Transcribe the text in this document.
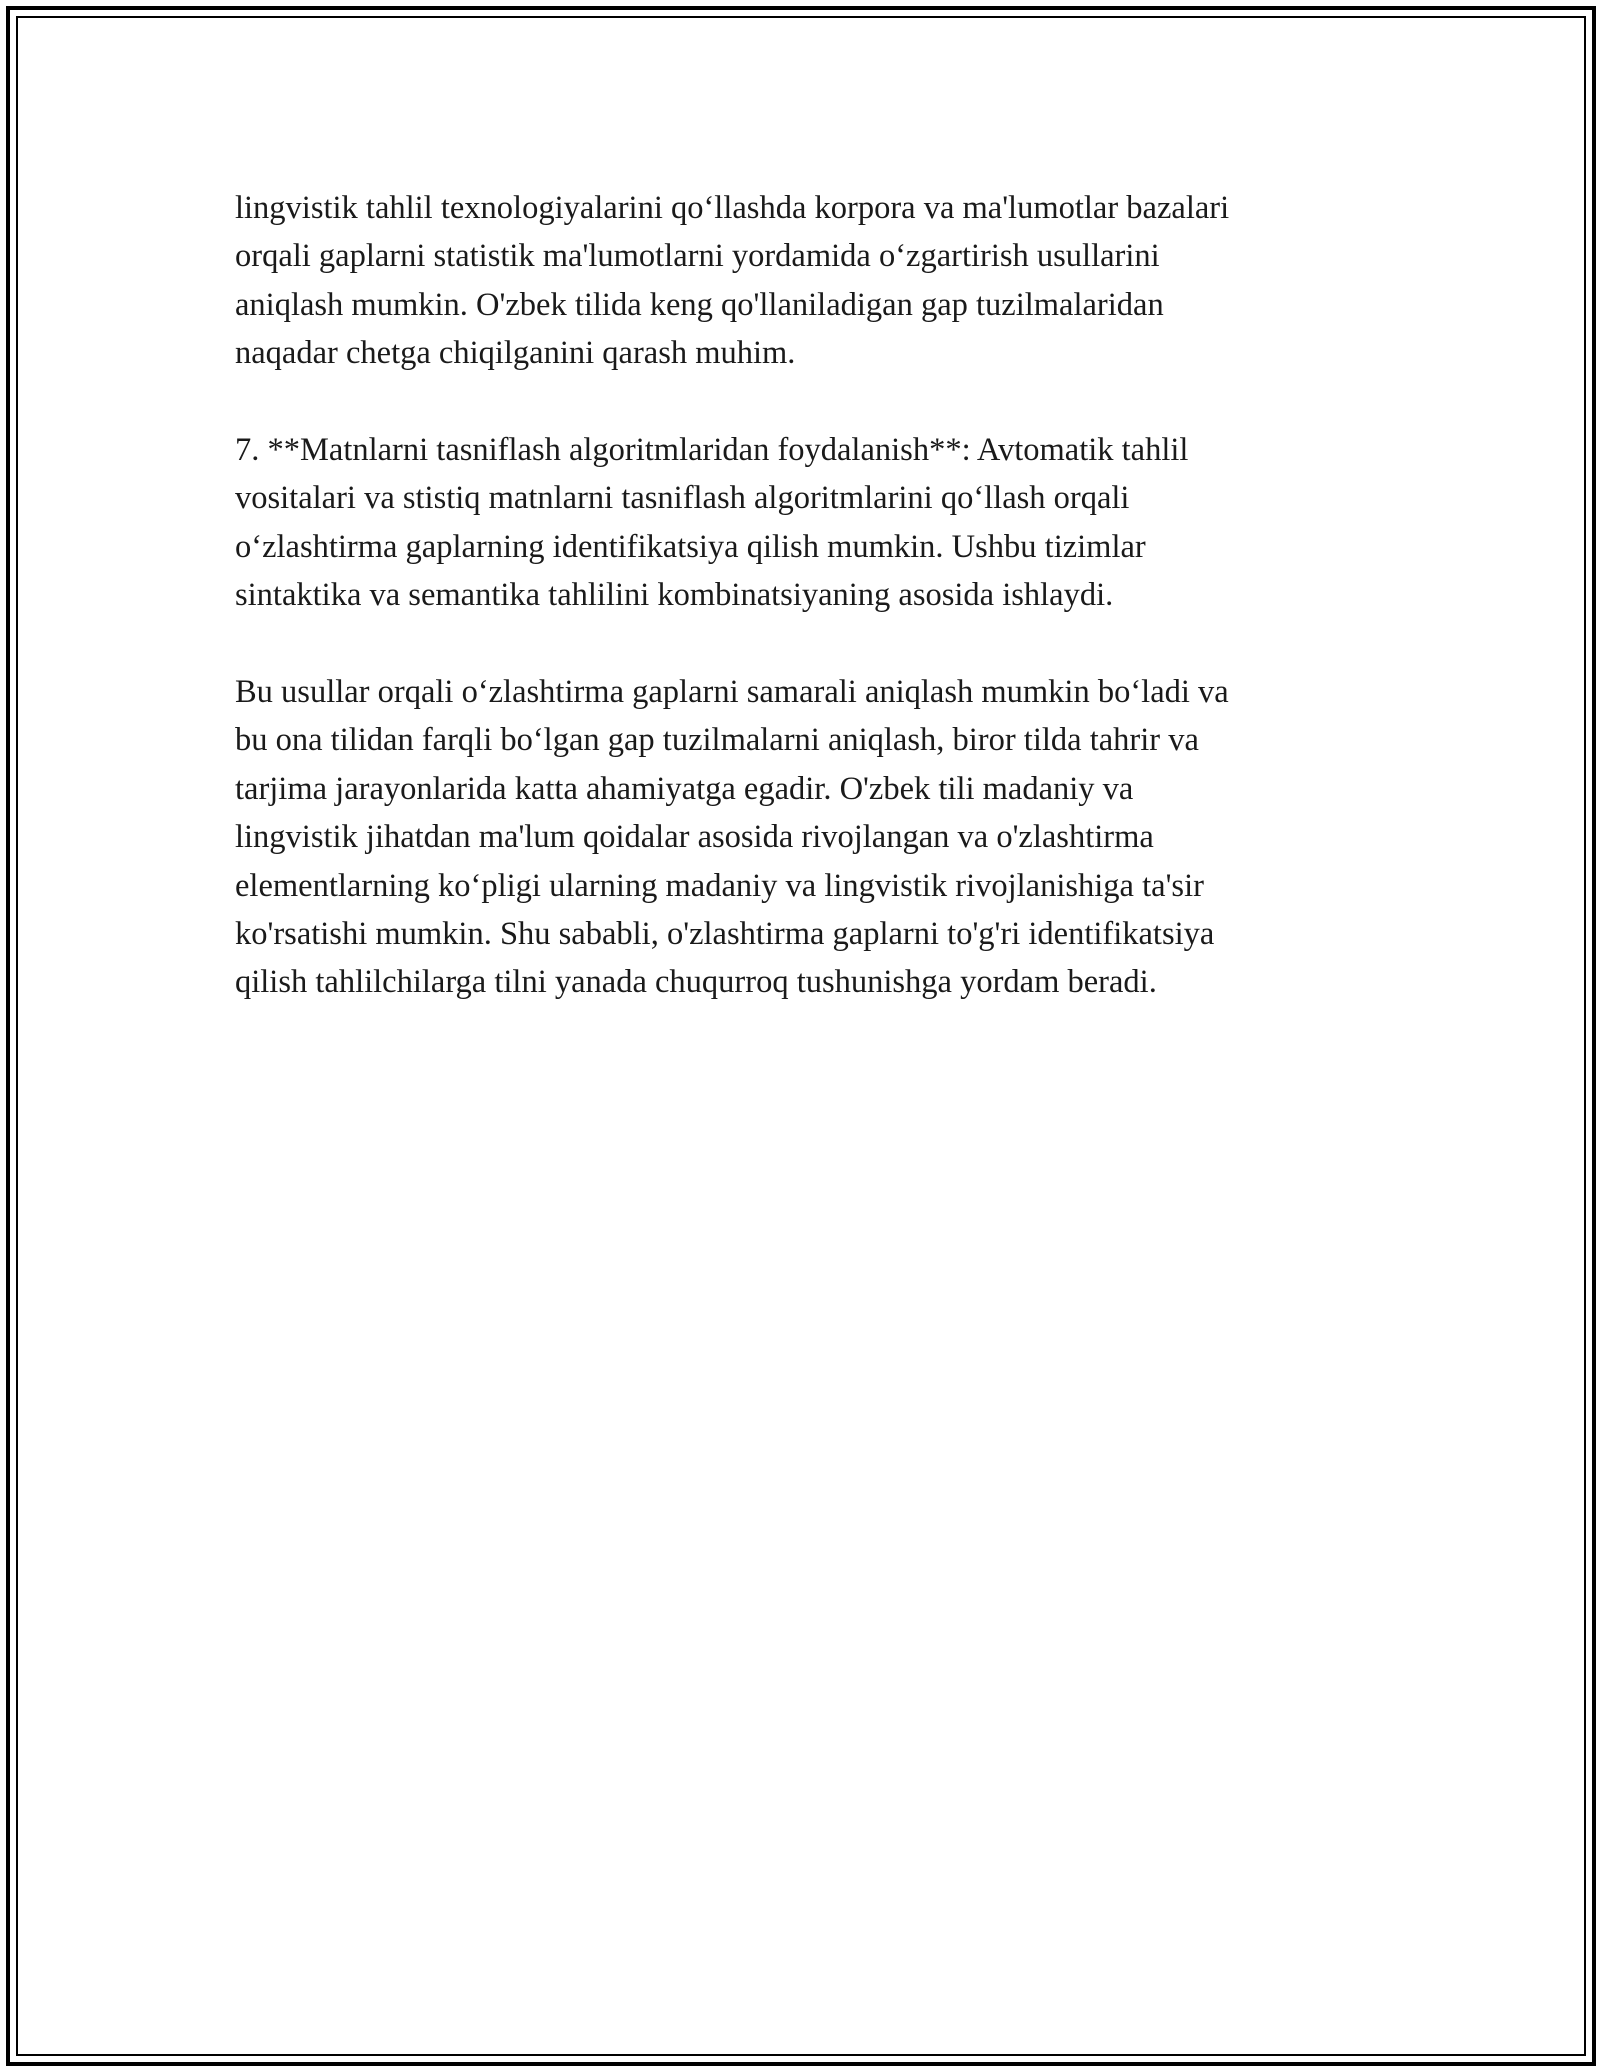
lingvistik tahlil texnologiyalarini qo‘llashda korpora va ma'lumotlar bazalari
orqali gaplarni statistik ma'lumotlarni yordamida o‘zgartirish usullarini
aniqlash mumkin. O'zbek tilida keng qo'llaniladigan gap tuzilmalaridan
naqadar chetga chiqilganini qarash muhim.

7. **Matnlarni tasniflash algoritmlaridan foydalanish**: Avtomatik tahlil
vositalari va stistiq matnlarni tasniflash algoritmlarini qo‘llash orqali
o‘zlashtirma gaplarning identifikatsiya qilish mumkin. Ushbu tizimlar
sintaktika va semantika tahlilini kombinatsiyaning asosida ishlaydi.

Bu usullar orqali o‘zlashtirma gaplarni samarali aniqlash mumkin bo‘ladi va
bu ona tilidan farqli bo‘lgan gap tuzilmalarni aniqlash, biror tilda tahrir va
tarjima jarayonlarida katta ahamiyatga egadir. O'zbek tili madaniy va
lingvistik jihatdan ma'lum qoidalar asosida rivojlangan va o'zlashtirma
elementlarning ko‘pligi ularning madaniy va lingvistik rivojlanishiga ta'sir
ko'rsatishi mumkin. Shu sababli, o'zlashtirma gaplarni to'g'ri identifikatsiya
qilish tahlilchilarga tilni yanada chuqurroq tushunishga yordam beradi.
